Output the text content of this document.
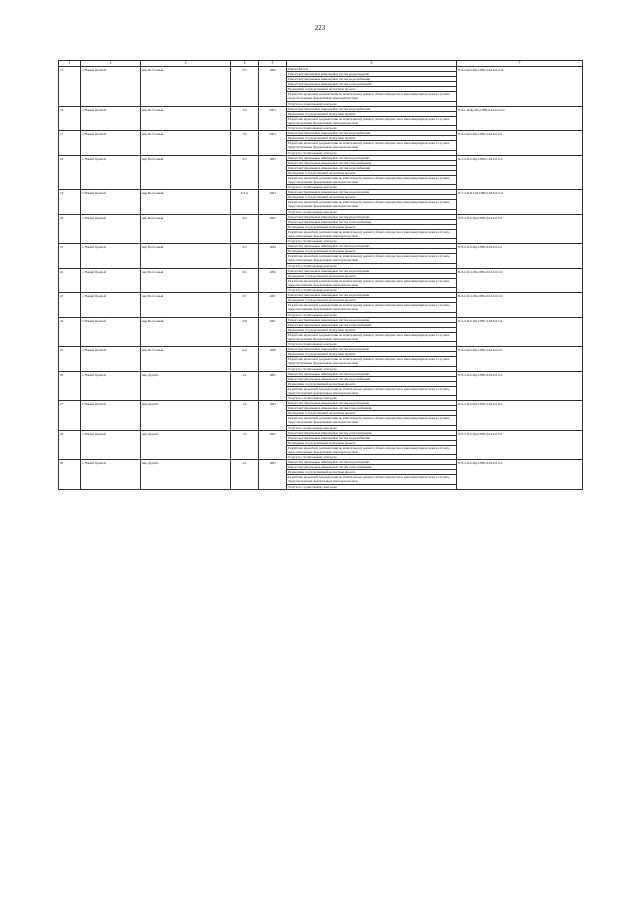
223
1	2	3	4	5	6	7
15	г. Новый Уренгой	мкр Восточный	5/3	1989	Ремонт фасада	П-9-2-П-0-ПД-СВВ-Л-М-0-0-0-Ф
					Ремонт внутридомовых инженерных систем водоотведения	
					Ремонт внутридомовых инженерных систем водоснабжения	
					Ремонт внутридомовых инженерных систем теплоснабжения	
					Проведение государственной экспертизы проекта	
					Разработка проектной документации по капитальному ремонту общего имущества в многоквартирном доме в случаях, предусмотренных федеральным законодательством	
					Услуги по строительному контролю	
16	г. Новый Уренгой	мкр Восточный	5/4	2003	Ремонт внутридомовых инженерных систем водоснабжения	П-9-1-П-Вр-ПД-СВВ-Л-М-0-0-0-0
					Проведение государственной экспертизы проекта	
					Разработка проектной документации по капитальному ремонту общего имущества в многоквартирном доме в случаях, предусмотренных федеральным законодательством	
					Услуги по строительному контролю	
17	г. Новый Уренгой	мкр Восточный	5/6	2004	Ремонт внутридомовых инженерных систем водоснабжения	П-9-2-П-0-ПД-СВВ-Л-М-0-0-0-4
					Проведение государственной экспертизы проекта	
					Разработка проектной документации по капитальному ремонту общего имущества в многоквартирном доме в случаях, предусмотренных федеральным законодательством	
					Услуги по строительному контролю	
18	г. Новый Уренгой	мкр Восточный	6/3	1993	Ремонт внутридомовых инженерных систем водоотведения	П-5-4-П-0-ПД-СВВ-С-М-0-0-0-0
					Ремонт внутридомовых инженерных систем теплоснабжения	
					Ремонт внутридомовых инженерных систем водоснабжения	
					Проведение государственной экспертизы проекта	
					Разработка проектной документации по капитальному ремонту общего имущества в многоквартирном доме в случаях, предусмотренных федеральным законодательством	
					Услуги по строительному контролю	
19	г. Новый Уренгой	мкр Восточный	6/3 А	2004	Ремонт внутридомовых инженерных систем водоотведения	П-3-4-П-П-ПД-СВВ-0-М-0-0-0-0
					Проведение государственной экспертизы проекта	
					Разработка проектной документации по капитальному ремонту общего имущества в многоквартирном доме в случаях, предусмотренных федеральным законодательством	
					Услуги по строительному контролю	
20	г. Новый Уренгой	мкр Восточный	6/4	1992	Ремонт внутридомовых инженерных систем водоотведения	П-9-2-П-0-ПД-СВВ-Л-М-0-0-0-0
					Ремонт внутридомовых инженерных систем теплоснабжения	
					Проведение государственной экспертизы проекта	
					Разработка проектной документации по капитальному ремонту общего имущества в многоквартирном доме в случаях, предусмотренных федеральным законодательством	
					Услуги по строительному контролю	
21	г. Новый Уренгой	мкр Восточный	6/5	1994	Ремонт внутридомовых инженерных систем водоотведения	П-9-2-П-0-ПД-СВВ-Л-М-0-0-0-1
					Проведение государственной экспертизы проекта	
					Разработка проектной документации по капитальному ремонту общего имущества в многоквартирном доме в случаях, предусмотренных федеральным законодательством	
					Услуги по строительному контролю	
22	г. Новый Уренгой	мкр Восточный	6/6	1996	Ремонт внутридомовых инженерных систем водоотведения	П-9-2-П-0-ПД-СВВ-Л-М-0-0-0-0
					Проведение государственной экспертизы проекта	
					Разработка проектной документации по капитальному ремонту общего имущества в многоквартирном доме в случаях, предусмотренных федеральным законодательством	
					Услуги по строительному контролю	
23	г. Новый Уренгой	мкр Восточный	6/7	1997	Ремонт внутридомовых инженерных систем водоотведения	П-9-2-П-0-ПД-СВВ-Л-М-0-0-0-0
					Проведение государственной экспертизы проекта	
					Разработка проектной документации по капитальному ремонту общего имущества в многоквартирном доме в случаях, предусмотренных федеральным законодательством	
					Услуги по строительному контролю	
24	г. Новый Уренгой	мкр Восточный	6/8	2001	Ремонт внутридомовых инженерных систем водоотведения	П-9-2-П-0-ПД-СВВ-Л-М-0-0-0-4
					Ремонт внутридомовых инженерных систем теплоснабжения	
					Проведение государственной экспертизы проекта	
					Разработка проектной документации по капитальному ремонту общего имущества в многоквартирном доме в случаях, предусмотренных федеральным законодательством	
					Услуги по строительному контролю	
25	г. Новый Уренгой	мкр Восточный	6/9	1998	Ремонт внутридомовых инженерных систем водоотведения	П-9-2-П-0-ПД-СВВ-Л-М-0-0-0-0
					Проведение государственной экспертизы проекта	
					Разработка проектной документации по капитальному ремонту общего имущества в многоквартирном доме в случаях, предусмотренных федеральным законодательством	
					Услуги по строительному контролю	
26	г. Новый Уренгой	мкр Дружба	1/2	1992	Ремонт внутридомовых инженерных систем водоотведения	П-9-5-П-0-ПД-СВВ-Л-М-0-0-0-0
					Ремонт внутридомовых инженерных систем водоснабжения	
					Проведение государственной экспертизы проекта	
					Разработка проектной документации по капитальному ремонту общего имущества в многоквартирном доме в случаях, предусмотренных федеральным законодательством	
					Услуги по строительному контролю	
27	г. Новый Уренгой	мкр Дружба	1/4	1993	Ремонт внутридомовых инженерных систем водоотведения	П-9-5-П-0-ПД-СВВ-Л-М-0-0-0-0
					Ремонт внутридомовых инженерных систем теплоснабжения	
					Проведение государственной экспертизы проекта	
					Разработка проектной документации по капитальному ремонту общего имущества в многоквартирном доме в случаях, предусмотренных федеральным законодательством	
					Услуги по строительному контролю	
28	г. Новый Уренгой	мкр Дружба	1/5	1992	Ремонт внутридомовых инженерных систем теплоснабжения	П-9-5-П-0-ПД-СВВ-Л-М-0-0-0-0
					Ремонт внутридомовых инженерных систем водоснабжения	
					Проведение государственной экспертизы проекта	
					Разработка проектной документации по капитальному ремонту общего имущества в многоквартирном доме в случаях, предусмотренных федеральным законодательством	
					Услуги по строительному контролю	
29	г. Новый Уренгой	мкр Дружба	2/1	1993	Ремонт внутридомовых инженерных систем водоотведения	П-9-5-П-0-ПД-СВВ-Л-М-0-0-0-0
					Ремонт внутридомовых инженерных систем теплоснабжения	
					Проведение государственной экспертизы проекта	
					Разработка проектной документации по капитальному ремонту общего имущества в многоквартирном доме в случаях, предусмотренных федеральным законодательством	
					Услуги по строительному контролю	
